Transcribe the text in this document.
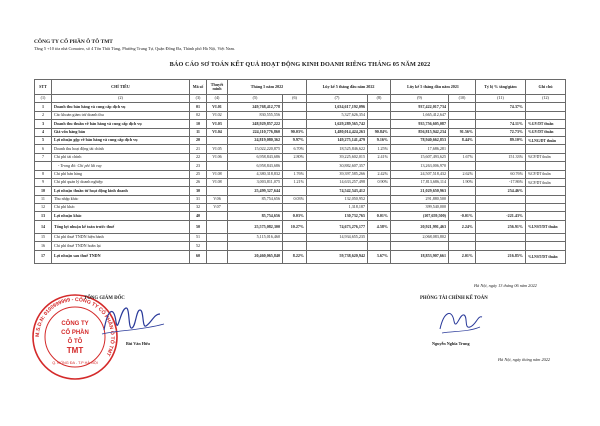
CÔNG TY CỔ PHẦN Ô TÔ TMT
Tầng 5 +10 tòa nhà Comateo, số 4 Tôn Thất Tùng, Phường Trung Tự, Quận Đống Đa, Thành phố Hà Nội, Việt Nam.
BÁO CÁO SƠ TOÁN KẾT QUẢ HOẠT ĐỘNG KINH DOANH RIÊNG THÁNG 05 NĂM 2022
STT	CHỈ TIÊU	Mã số	Thuyết minh	Tháng 5 năm 2022		Lũy kế 5 tháng đầu năm 2022		Lũy kế 5 tháng đầu năm 2021		Tỷ lệ % tăng/giảm	Ghi chú
(1)	(2)	(3)	(4)	(5)	(6)	(7)	(8)	(9)	(10)	(11)	(12)
1	Doanh thu bán hàng và cung cấp dịch vụ	01	VI.01	249,768,412,778		1,634,617,192,096		937,422,017,734		74.37%	
2	Các khoản giảm trừ doanh thu	02	VI.02	830,555,556		5,327,626,354		1,665,412,647			
3	Doanh thu thuần về bán hàng và cung cấp dịch vụ	10	VI.03	248,929,857,222		1,629,289,565,742		935,756,605,087		74.11%	%GV/DT thuần
4	Giá vốn hàng bán	11	VI.04	224,110,776,860	90.03%	1,480,014,424,263	90.84%	856,815,942,234	91.56%	72.73%	%GV/DT thuần
5	Lợi nhuận gộp về bán hàng và cung cấp dịch vụ	20		24,819,080,362	9.97%	149,275,141,479	9.16%	78,940,662,853	8.44%	89.10%	%LNG/DT thuần
6	Doanh thu hoạt động tài chính	21	VI.05	15,022,220,875	6.70%	18,525,846,622	1.25%	17,686,281			
7	Chi phí tài chính	22	VI.06	6,958,843,686	2.80%	39,225,602,015	2.41%	15,607,493,625	1.67%	151.33%	%CP/DT thuần
	- Trong đó: Chi phí lãi vay	23		6,958,843,686		30,882,607,357		13,263,006,970			
8	Chi phí bán hàng	25	VI.08	4,380,318,832	1.76%	39,397,585,266	2.42%	24,507,518,432	2.62%	60.76%	%CP/DT thuần
9	Chi phí quản lý doanh nghiệp	26	VI.08	3,003,811,075	1.21%	14,633,257,498	0.90%	17,813,686,114	1.90%	-17.86%	%CP/DT thuần
10	Lợi nhuận thuần từ hoạt động kinh doanh	30		25,499,327,644		74,542,543,412		21,029,650,963		254.46%	
11	Thu nhập khác	31	V.06	85,754,656	0.03%	132,050,952		291,880,500			
12	Chi phí khác	32	V.07			1,318,187		399,540,000			
13	Lợi nhuận khác	40		85,754,656	0.03%	130,732,765	0.01%	(107,659,500)	-0.01%	-221.43%	
14	Tổng lợi nhuận kế toán trước thuế	50		25,575,082,300	10.27%	74,673,276,177	4.58%	20,921,991,463	2.24%	256.91%	%LNST/DT thuần
15	Chi phí thuế TNDN hiện hành	51		5,115,016,460		14,934,655,235		2,068,083,802			
16	Chi phí thuế TNDN hoãn lại	52									
17	Lợi nhuận sau thuế TNDN	60		20,460,065,840	8.22%	59,738,620,942	3.67%	18,853,907,661	2.01%	216.85%	%LNST/DT thuần
M.S.D.N: 0100999999 - CÔNG TY CỔ PHẦN Ô TÔ TMT
CÔNG TY
CỔ PHẦN
Ô TÔ
TMT
Q. ĐỐNG ĐA - T.P HÀ NỘI
Hà Nội, ngày 13 tháng 06 năm 2022
TỔNG GIÁM ĐỐC
Bùi Văn Hữu
PHÒNG TÀI CHÍNH KẾ TOÁN
Nguyễn Nghĩa Trung
Hà Nội, ngày tháng năm 2022
